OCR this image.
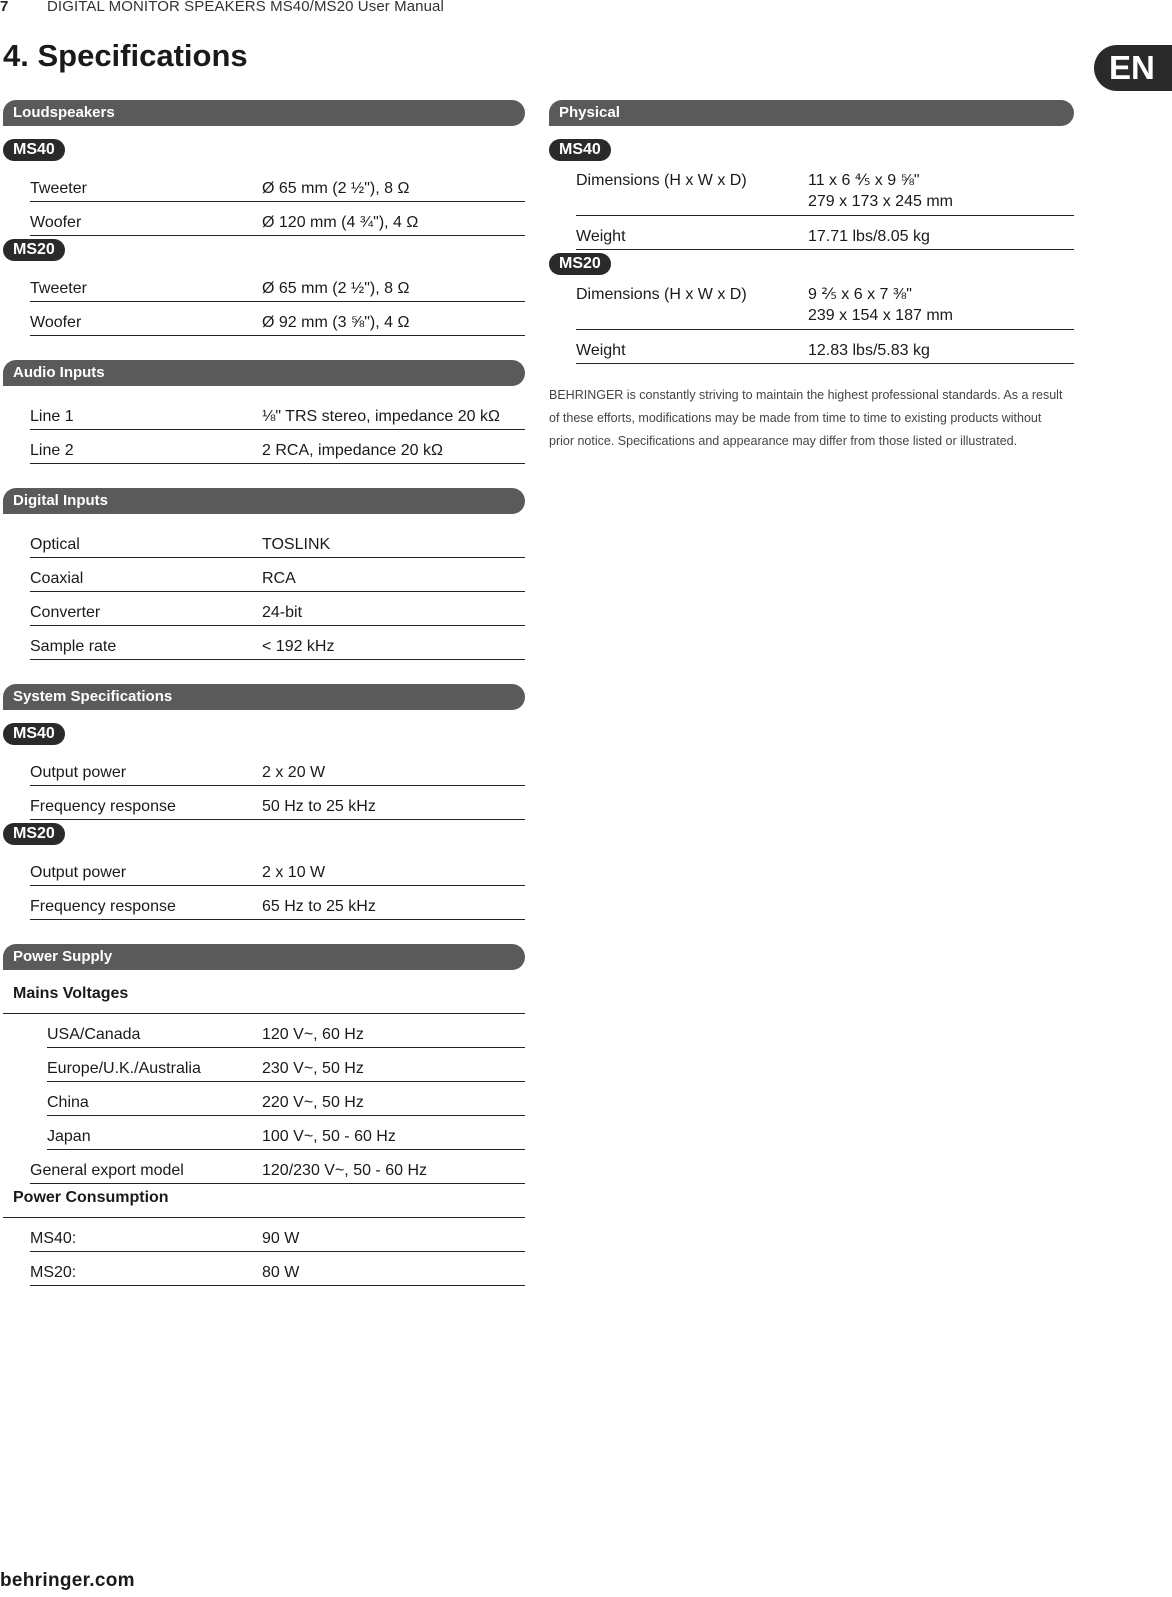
7	DIGITAL MONITOR SPEAKERS MS40/MS20 User Manual
4. Specifications	EN
Loudspeakers
MS40
Tweeter	Ø 65 mm (2 ½"), 8 Ω
Woofer	Ø 120 mm (4 ¾"), 4 Ω
MS20
Tweeter	Ø 65 mm (2 ½"), 8 Ω
Woofer	Ø 92 mm (3 ⅝"), 4 Ω
Audio Inputs
Line 1	⅛" TRS stereo, impedance 20 kΩ
Line 2	2 RCA, impedance 20 kΩ
Digital Inputs
Optical	TOSLINK
Coaxial	RCA
Converter	24-bit
Sample rate	< 192 kHz
System Specifications
MS40
Output power	2 x 20 W
Frequency response	50 Hz to 25 kHz
MS20
Output power	2 x 10 W
Frequency response	65 Hz to 25 kHz
Power Supply
Mains Voltages
USA/Canada	120 V~, 60 Hz
Europe/U.K./Australia	230 V~, 50 Hz
China	220 V~, 50 Hz
Japan	100 V~, 50 - 60 Hz
General export model	120/230 V~, 50 - 60 Hz
Power Consumption
MS40:	90 W
MS20:	80 W
Physical
MS40
Dimensions (H x W x D)	11 x 6 ⅘ x 9 ⅝"
279 x 173 x 245 mm
Weight	17.71 lbs/8.05 kg
MS20
Dimensions (H x W x D)	9 ⅖ x 6 x 7 ⅜"
239 x 154 x 187 mm
Weight	12.83 lbs/5.83 kg

BEHRINGER is constantly striving to maintain the highest professional standards. As a result of these efforts, modifications may be made from time to time to existing products without prior notice. Specifications and appearance may differ from those listed or illustrated.

behringer.com
